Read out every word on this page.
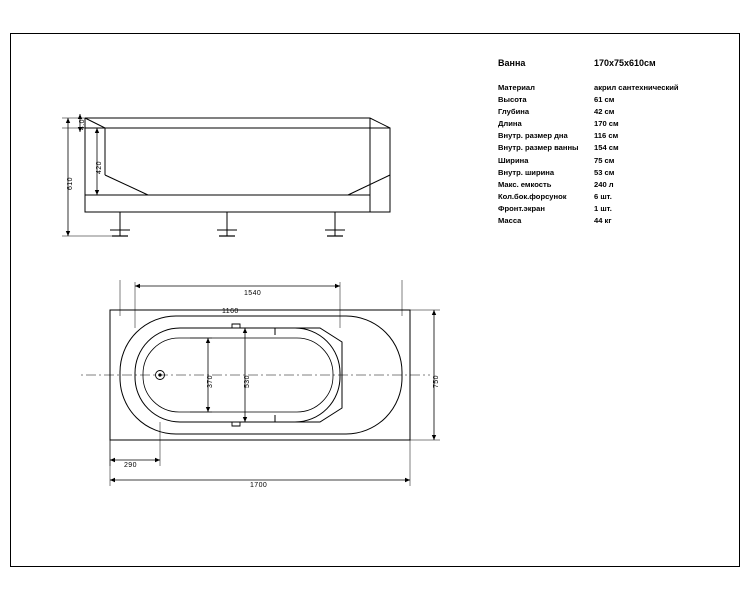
Ванна	170x75x610см
Материал	акрил сантехнический
Высота	61 см
Глубина	42 см
Длина	170 см
Внутр. размер дна	116 см
Внутр. размер ванны	154 см
Ширина	75 см
Внутр. ширина	53 см
Макс. емкость	240 л
Кол.бок.форсунок	6 шт.
Фронт.экран	1 шт.
Масса	44 кг
610
4.0
420
1540
1160
1700
290
750
530
370
